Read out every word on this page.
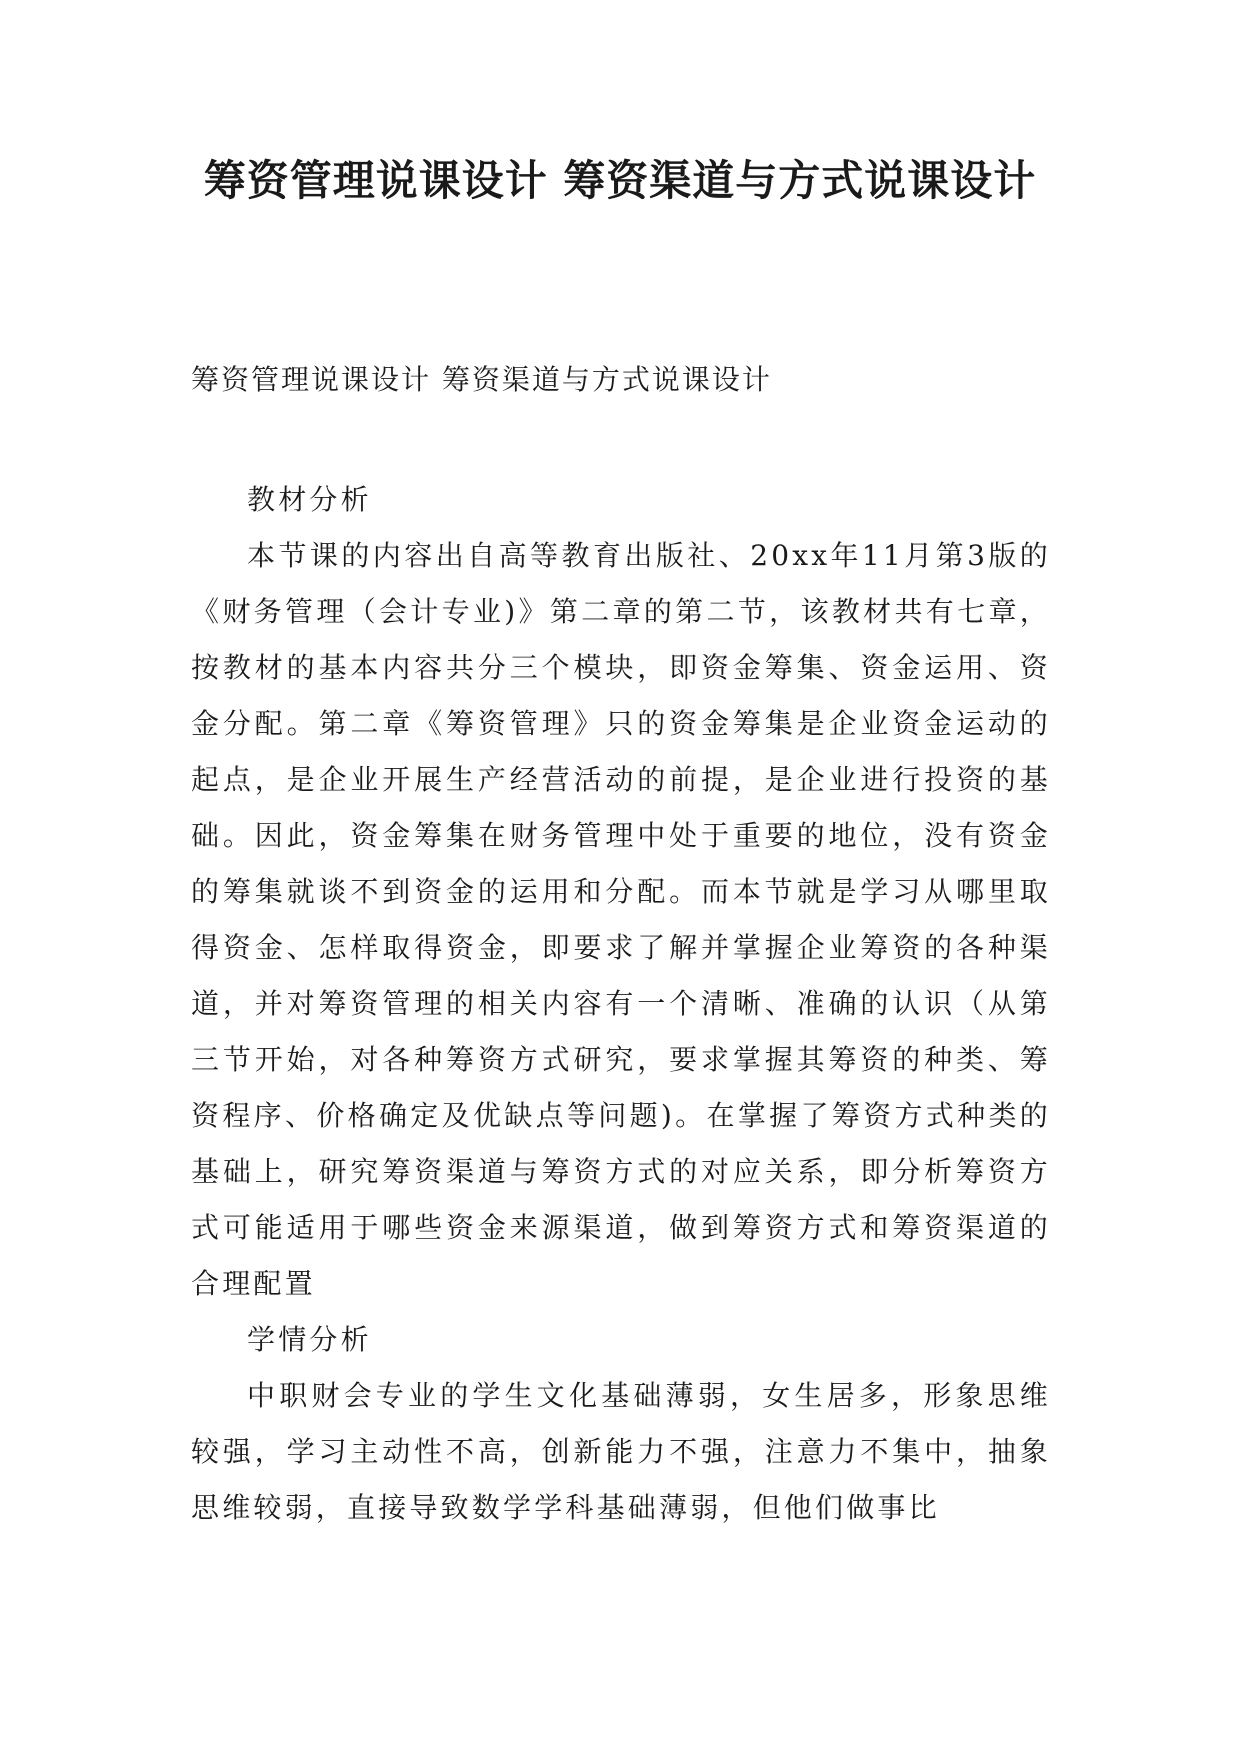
筹资管理说课设计 筹资渠道与方式说课设计
筹资管理说课设计 筹资渠道与方式说课设计
教材分析

本节课的内容出自高等教育出版社、20xx年11月第3版的《财务管理（会计专业)》第二章的第二节，该教材共有七章，按教材的基本内容共分三个模块，即资金筹集、资金运用、资金分配。第二章《筹资管理》只的资金筹集是企业资金运动的起点，是企业开展生产经营活动的前提，是企业进行投资的基础。因此，资金筹集在财务管理中处于重要的地位，没有资金的筹集就谈不到资金的运用和分配。而本节就是学习从哪里取得资金、怎样取得资金，即要求了解并掌握企业筹资的各种渠道，并对筹资管理的相关内容有一个清晰、准确的认识（从第三节开始，对各种筹资方式研究，要求掌握其筹资的种类、筹资程序、价格确定及优缺点等问题)。在掌握了筹资方式种类的基础上，研究筹资渠道与筹资方式的对应关系，即分析筹资方式可能适用于哪些资金来源渠道，做到筹资方式和筹资渠道的合理配置

学情分析

中职财会专业的学生文化基础薄弱，女生居多，形象思维较强，学习主动性不高，创新能力不强，注意力不集中，抽象思维较弱，直接导致数学学科基础薄弱，但他们做事比
